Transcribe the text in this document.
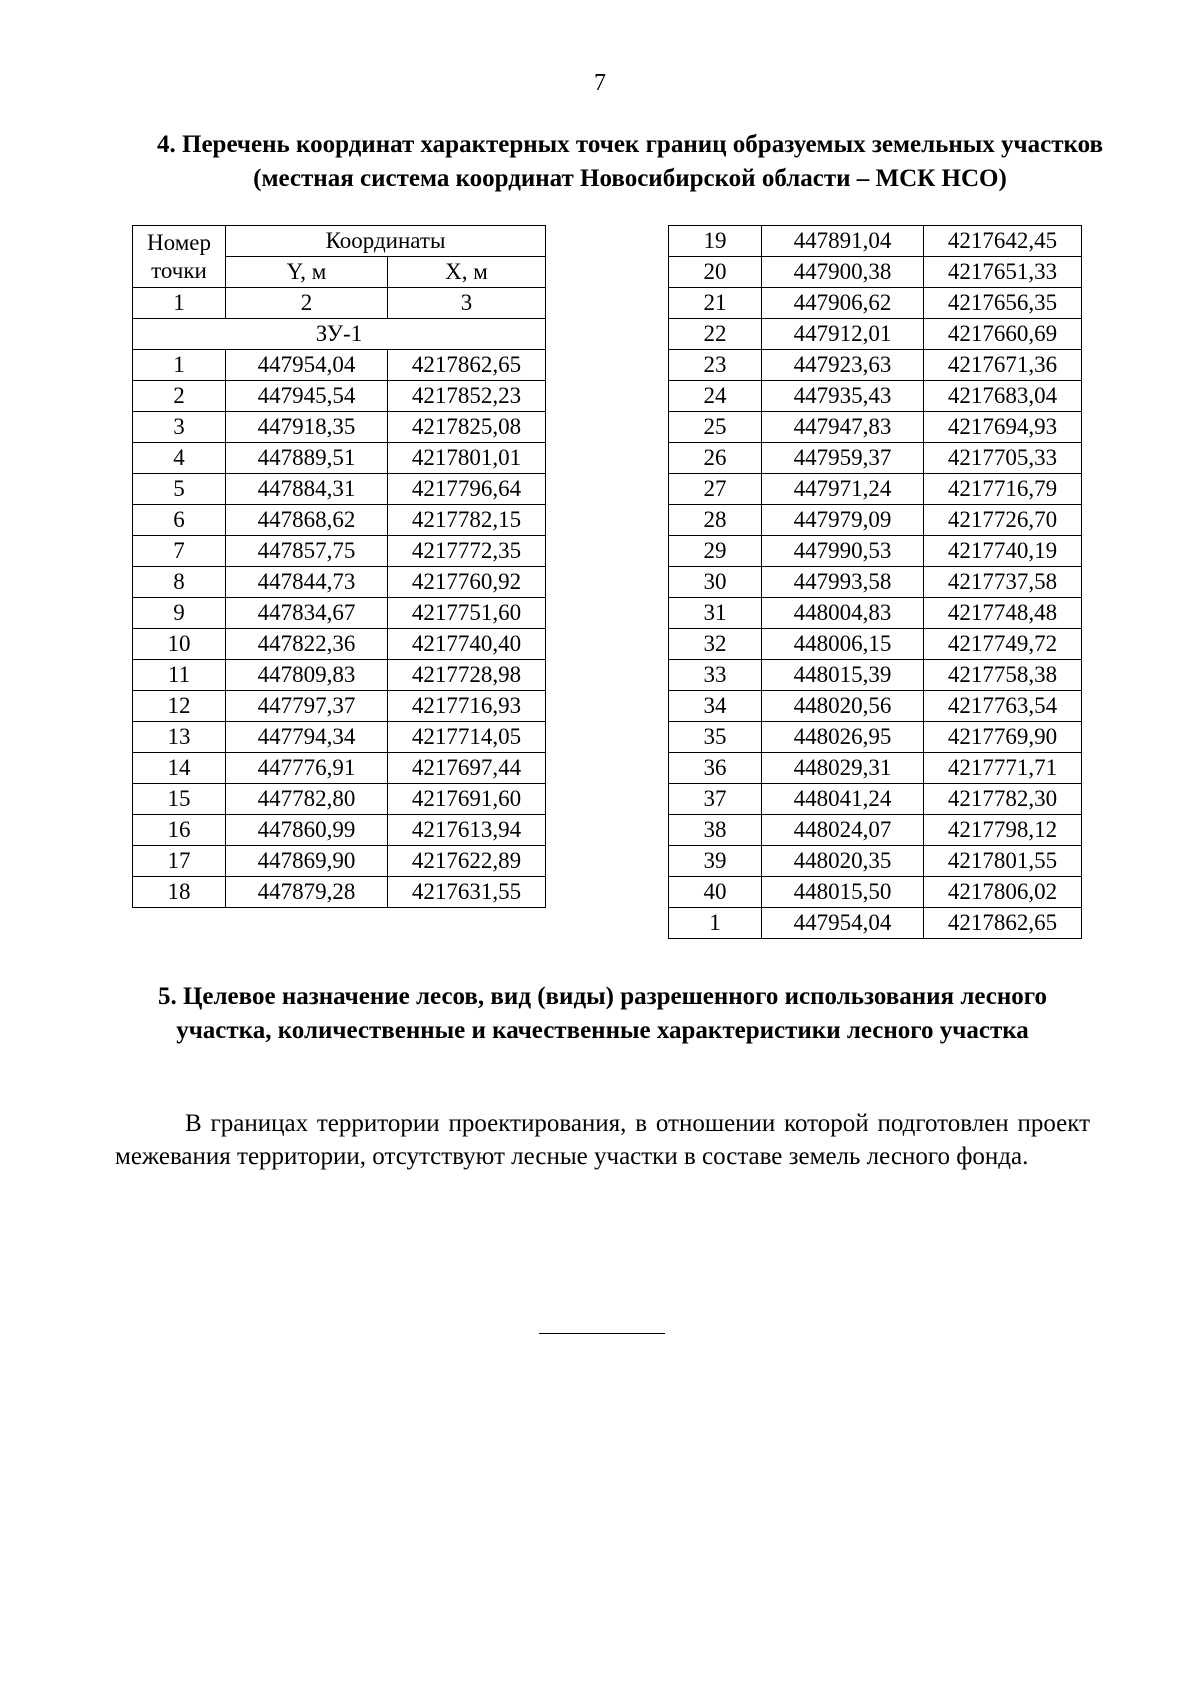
7
4. Перечень координат характерных точек границ образуемых земельных участков (местная система координат Новосибирской области – МСК НСО)
Номер точки	Координаты	
	Y, м	X, м
1	2	3
ЗУ-1		
1	447954,04	4217862,65
2	447945,54	4217852,23
3	447918,35	4217825,08
4	447889,51	4217801,01
5	447884,31	4217796,64
6	447868,62	4217782,15
7	447857,75	4217772,35
8	447844,73	4217760,92
9	447834,67	4217751,60
10	447822,36	4217740,40
11	447809,83	4217728,98
12	447797,37	4217716,93
13	447794,34	4217714,05
14	447776,91	4217697,44
15	447782,80	4217691,60
16	447860,99	4217613,94
17	447869,90	4217622,89
18	447879,28	4217631,55
19	447891,04	4217642,45
20	447900,38	4217651,33
21	447906,62	4217656,35
22	447912,01	4217660,69
23	447923,63	4217671,36
24	447935,43	4217683,04
25	447947,83	4217694,93
26	447959,37	4217705,33
27	447971,24	4217716,79
28	447979,09	4217726,70
29	447990,53	4217740,19
30	447993,58	4217737,58
31	448004,83	4217748,48
32	448006,15	4217749,72
33	448015,39	4217758,38
34	448020,56	4217763,54
35	448026,95	4217769,90
36	448029,31	4217771,71
37	448041,24	4217782,30
38	448024,07	4217798,12
39	448020,35	4217801,55
40	448015,50	4217806,02
1	447954,04	4217862,65
5. Целевое назначение лесов, вид (виды) разрешенного использования лесного участка, количественные и качественные характеристики лесного участка
В границах территории проектирования, в отношении которой подготовлен проект межевания территории, отсутствуют лесные участки в составе земель лесного фонда.
